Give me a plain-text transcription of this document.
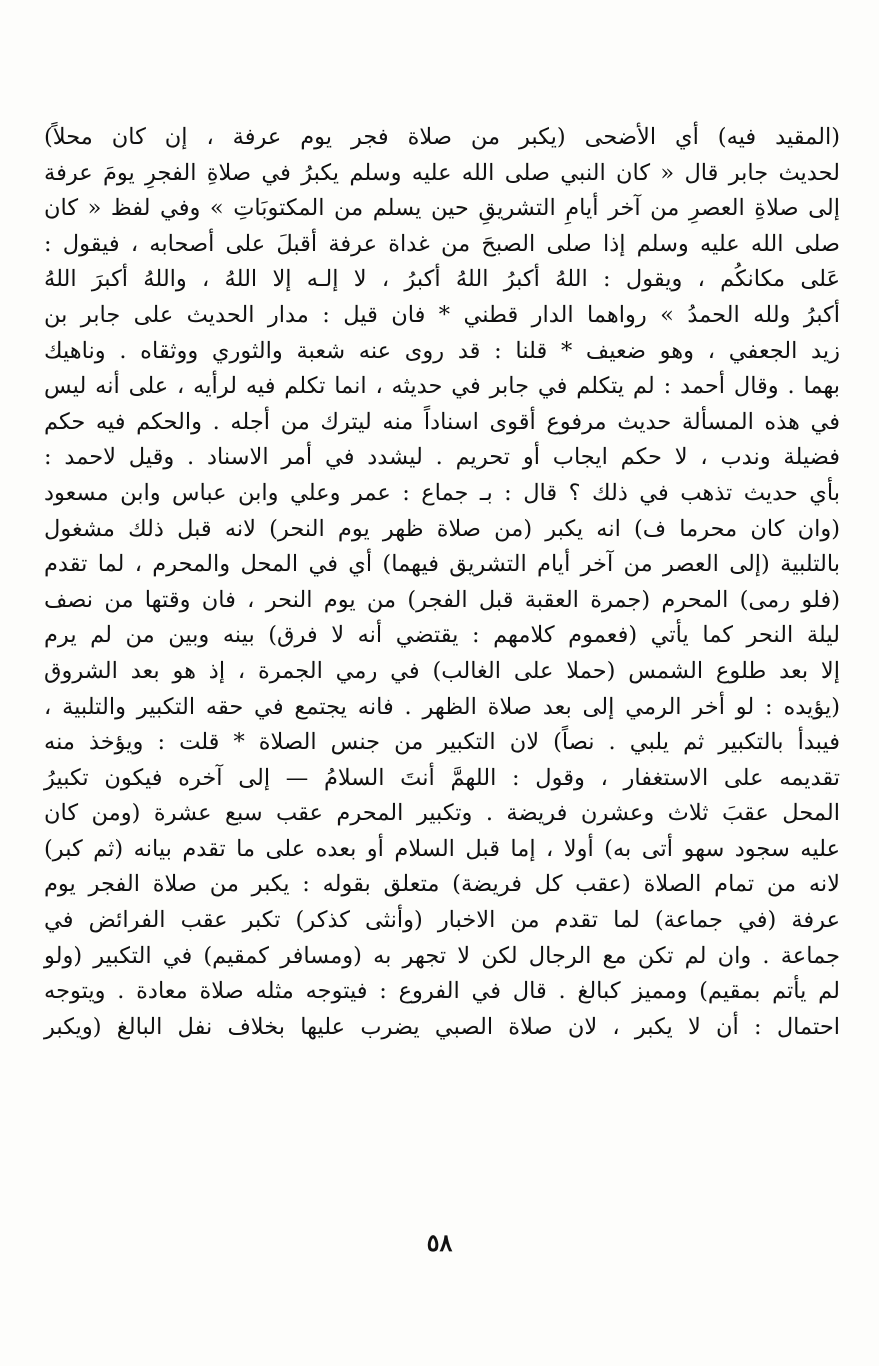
(المقيد فيه) أي الأضحى (يكبر من صلاة فجر يوم عرفة ، إن كان محلاً)
لحديث جابر قال « كان النبي صلى الله عليه وسلم يكبرُ في صلاةِ الفجرِ يومَ عرفة
إلى صلاةِ العصرِ من آخر أيامِ التشريقِ حين يسلم من المكتوبَاتِ » وفي لفظ « كان
صلى الله عليه وسلم إذا صلى الصبحَ من غداة عرفة أقبلَ على أصحابه ، فيقول :
عَلى مكانكُم ، ويقول : اللهُ أكبرُ اللهُ أكبرُ ، لا إلـه إلا اللهُ ، واللهُ أكبرَ اللهُ
أكبرُ ولله الحمدُ » رواهما الدار قطني * فان قيل : مدار الحديث على جابر بن
زيد الجعفي ، وهو ضعيف * قلنا : قد روى عنه شعبة والثوري ووثقاه . وناهيك
بهما . وقال أحمد : لم يتكلم في جابر في حديثه ، انما تكلم فيه لرأيه ، على أنه ليس
في هذه المسألة حديث مرفوع أقوى اسناداً منه ليترك من أجله . والحكم فيه حكم
فضيلة وندب ، لا حكم ايجاب أو تحريم . ليشدد في أمر الاسناد . وقيل لاحمد :
بأي حديث تذهب في ذلك ؟ قال : بـ جماع : عمر وعلي وابن عباس وابن مسعود
(وان كان محرما ف) انه يكبر (من صلاة ظهر يوم النحر) لانه قبل ذلك مشغول
بالتلبية (إلى العصر من آخر أيام التشريق فيهما) أي في المحل والمحرم ، لما تقدم
(فلو رمى) المحرم (جمرة العقبة قبل الفجر) من يوم النحر ، فان وقتها من نصف
ليلة النحر كما يأتي (فعموم كلامهم : يقتضي أنه لا فرق) بينه وبين من لم يرم
إلا بعد طلوع الشمس (حملا على الغالب) في رمي الجمرة ، إذ هو بعد الشروق
(يؤيده : لو أخر الرمي إلى بعد صلاة الظهر . فانه يجتمع في حقه التكبير والتلبية ،
فيبدأ بالتكبير ثم يلبي . نصاً) لان التكبير من جنس الصلاة * قلت : ويؤخذ منه
تقديمه على الاستغفار ، وقول : اللهمَّ أنتَ السلامُ — إلى آخره فيكون تكبيرُ
المحل عقبَ ثلاث وعشرن فريضة . وتكبير المحرم عقب سبع عشرة (ومن كان
عليه سجود سهو أتى به) أولا ، إما قبل السلام أو بعده على ما تقدم بيانه (ثم كبر)
لانه من تمام الصلاة (عقب كل فريضة) متعلق بقوله : يكبر من صلاة الفجر يوم
عرفة (في جماعة) لما تقدم من الاخبار (وأنثى كذكر) تكبر عقب الفرائض في
جماعة . وان لم تكن مع الرجال لكن لا تجهر به (ومسافر كمقيم) في التكبير (ولو
لم يأتم بمقيم) ومميز كبالغ . قال في الفروع : فيتوجه مثله صلاة معادة . ويتوجه
احتمال : أن لا يكبر ، لان صلاة الصبي يضرب عليها بخلاف نفل البالغ (ويكبر
٥٨
